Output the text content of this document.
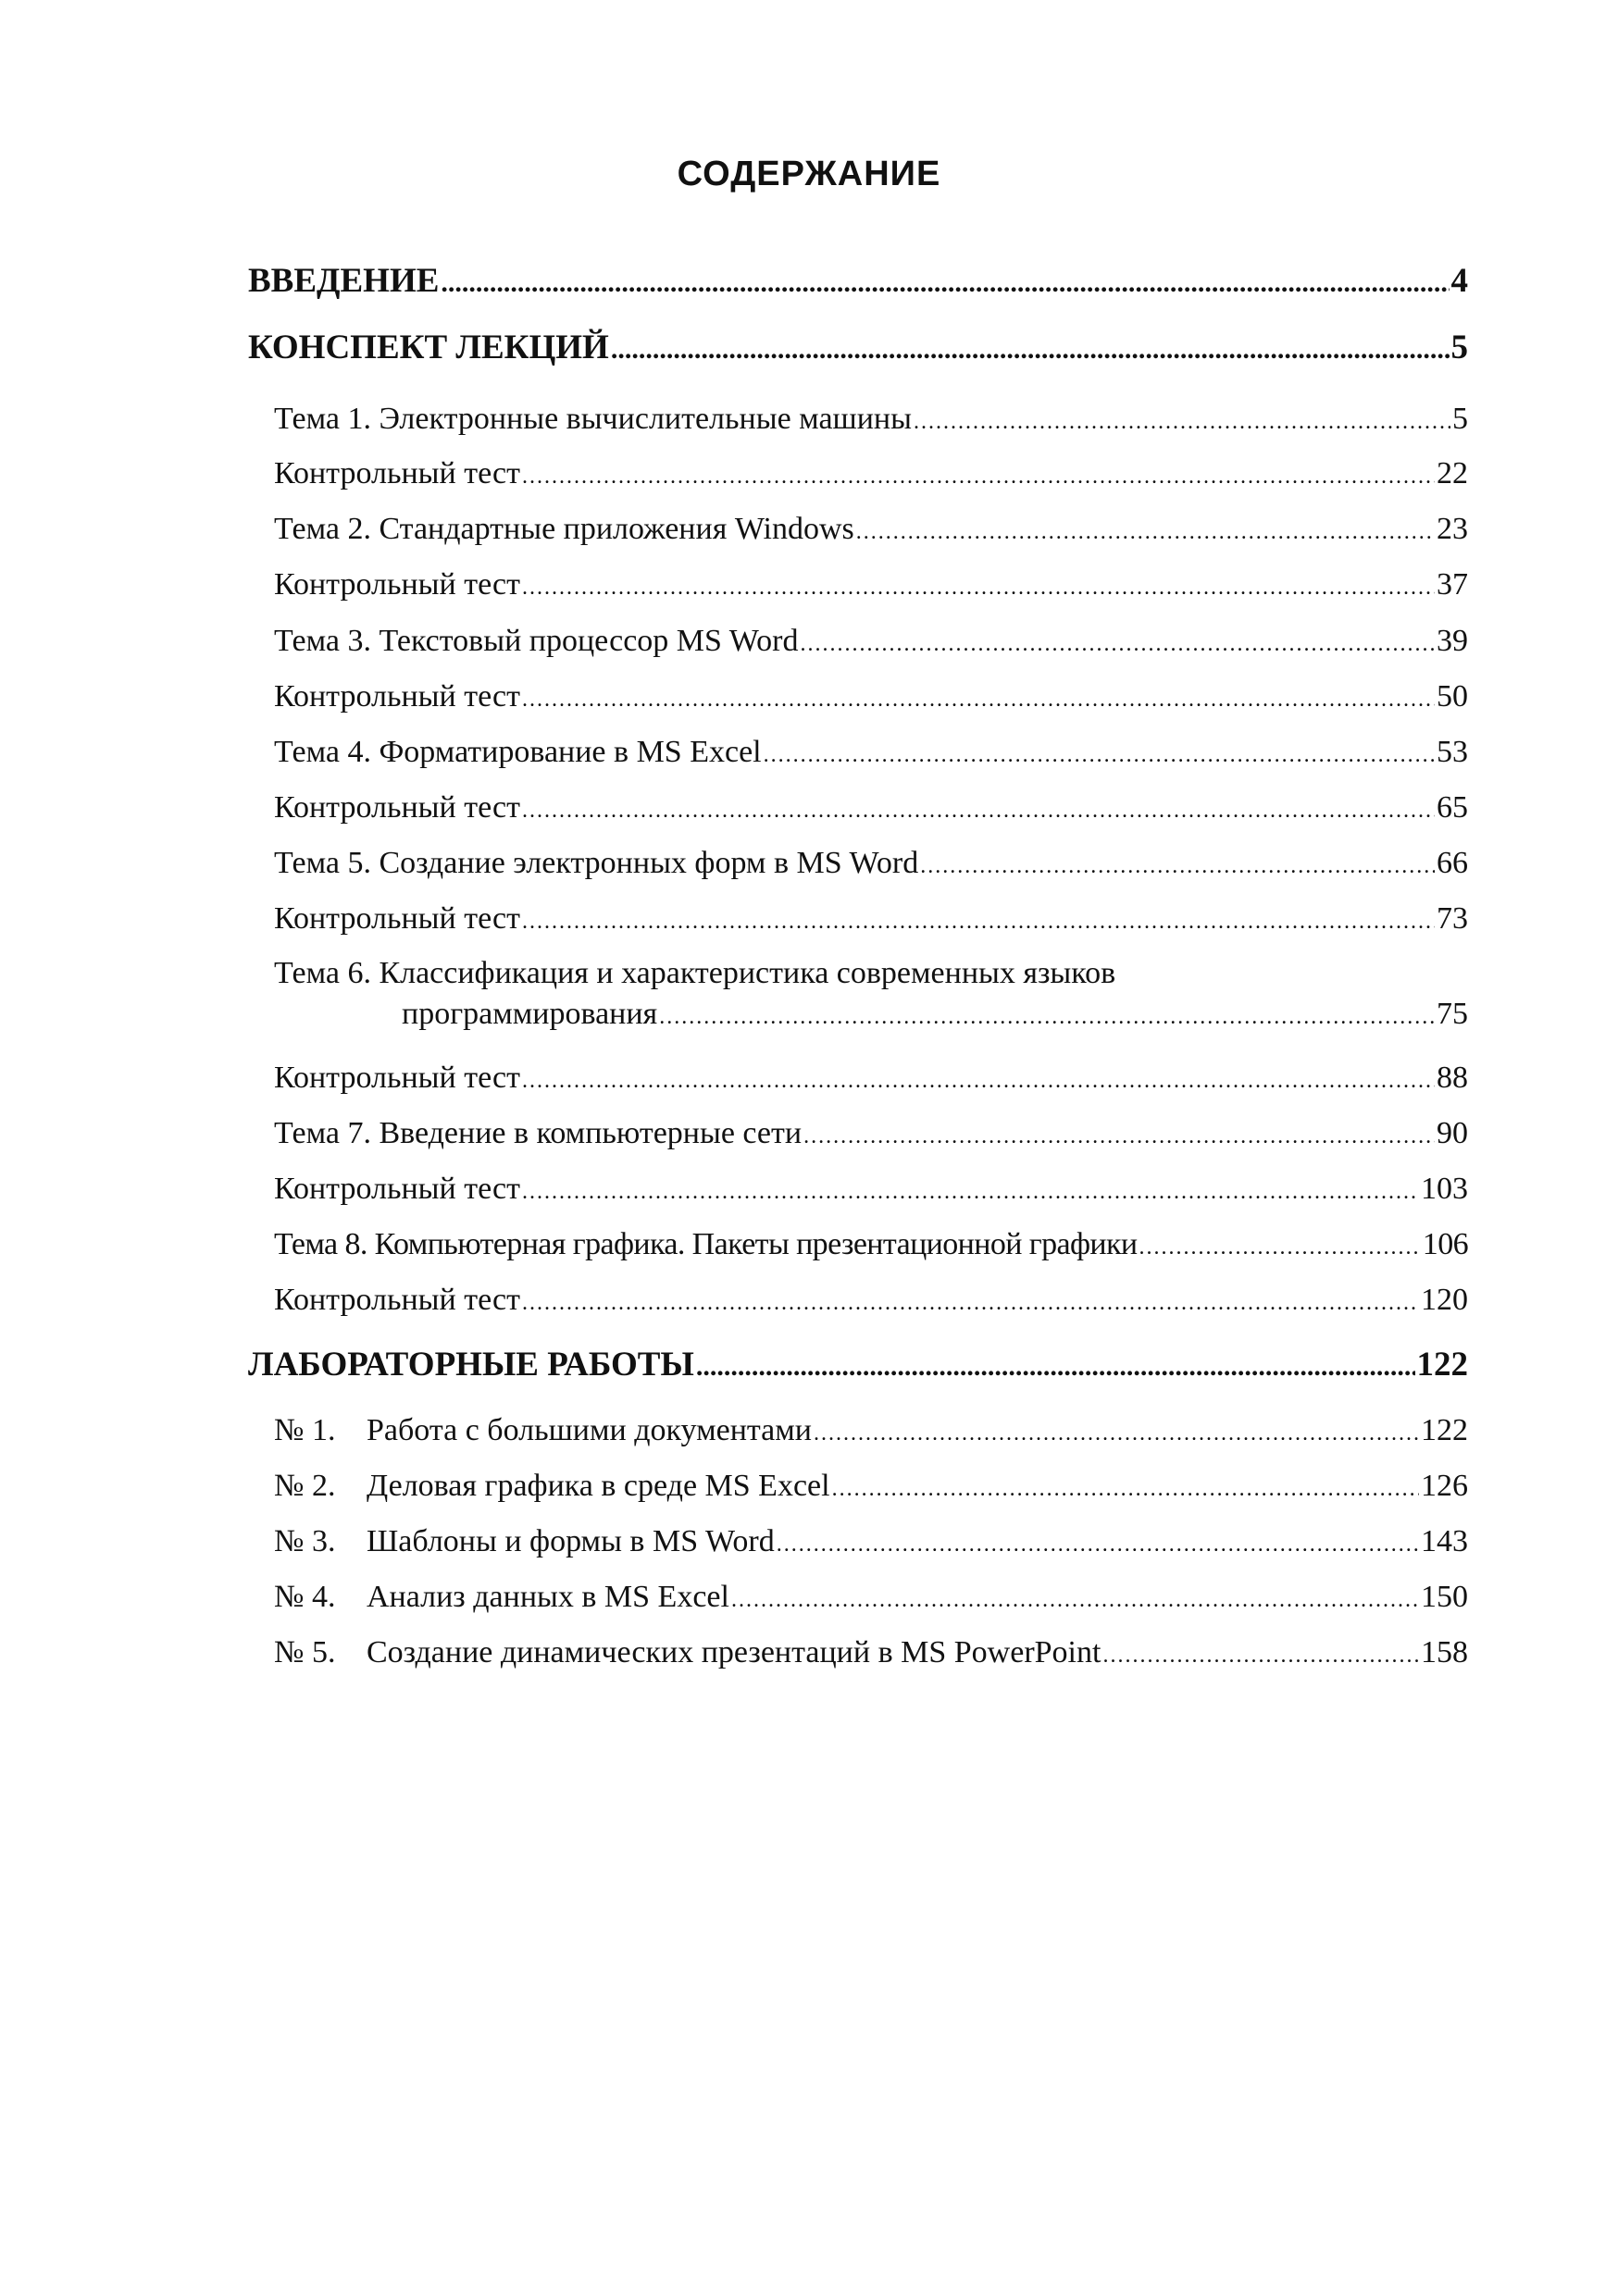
СОДЕРЖАНИЕ
ВВЕДЕНИЕ .....	4
КОНСПЕКТ ЛЕКЦИЙ .....	5
Тема 1. Электронные вычислительные машины .....	5
Контрольный тест .....	22
Тема 2. Стандартные приложения Windows .....	23
Контрольный тест .....	37
Тема 3. Текстовый процессор MS Word .....	39
Контрольный тест .....	50
Тема 4. Форматирование в MS Excel .....	53
Контрольный тест .....	65
Тема 5. Создание электронных форм в MS Word .....	66
Контрольный тест .....	73
Тема 6. Классификация и характеристика современных языков
программирования .....	75
Контрольный тест .....	88
Тема 7. Введение в компьютерные сети .....	90
Контрольный тест .....	103
Тема 8. Компьютерная графика. Пакеты презентационной графики .....	106
Контрольный тест .....	120
ЛАБОРАТОРНЫЕ РАБОТЫ .....	122
№ 1. Работа с большими документами .....	122
№ 2. Деловая графика в среде MS Excel .....	126
№ 3. Шаблоны и формы в MS Word .....	143
№ 4. Анализ данных в MS Excel .....	150
№ 5. Создание динамических презентаций в MS PowerPoint .....	158
